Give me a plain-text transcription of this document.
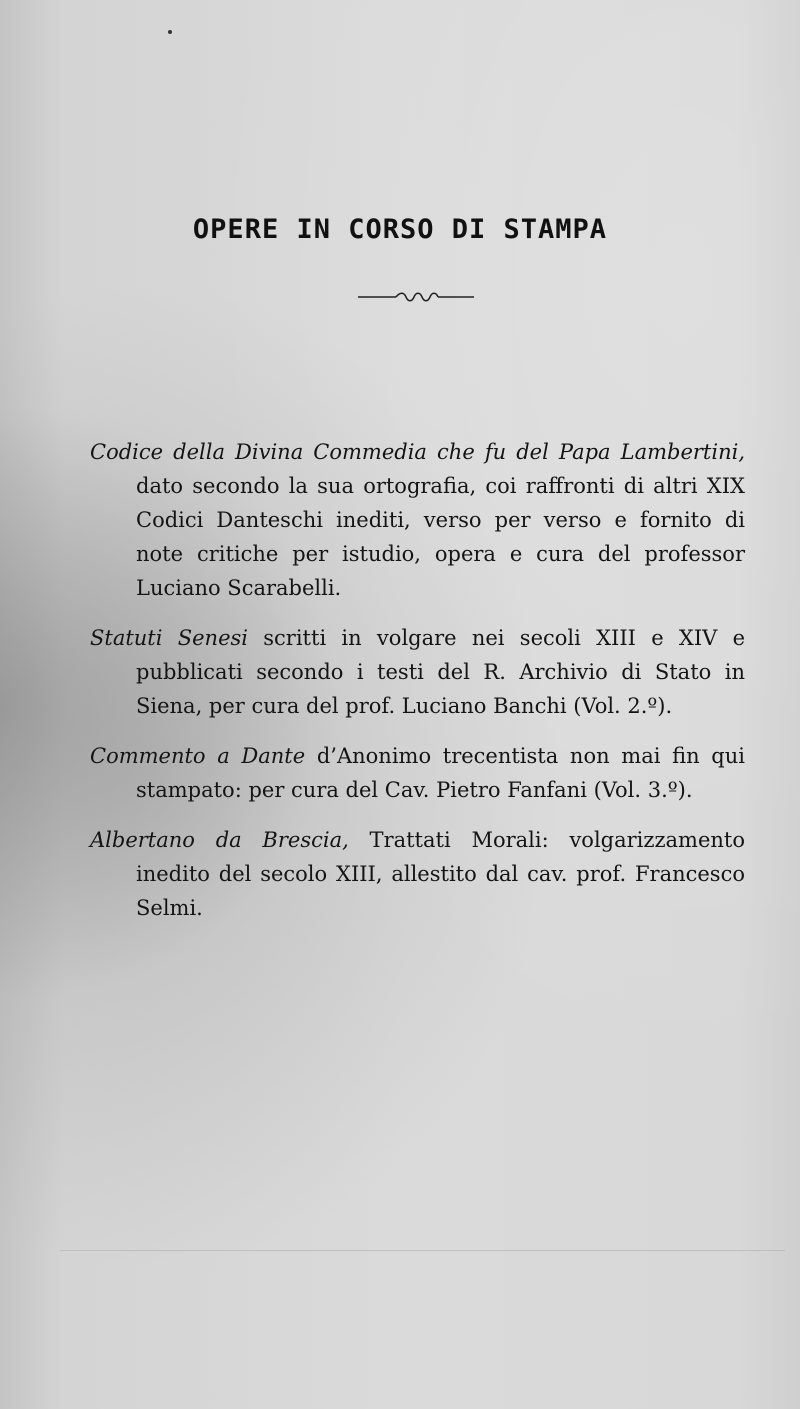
OPERE IN CORSO DI STAMPA

Codice della Divina Commedia che fu del Papa Lambertini, dato secondo la sua ortografia, coi raffronti di altri XIX Codici Danteschi inediti, verso per verso e fornito di note critiche per istudio, opera e cura del professor Luciano Scarabelli.

Statuti Senesi scritti in volgare nei secoli XIII e XIV e pubblicati secondo i testi del R. Archivio di Stato in Siena, per cura del prof. Luciano Banchi (Vol. 2.º).

Commento a Dante d’Anonimo trecentista non mai fin qui stampato: per cura del Cav. Pietro Fanfani (Vol. 3.º).

Albertano da Brescia, Trattati Morali: volgarizzamento inedito del secolo XIII, allestito dal cav. prof. Francesco Selmi.
